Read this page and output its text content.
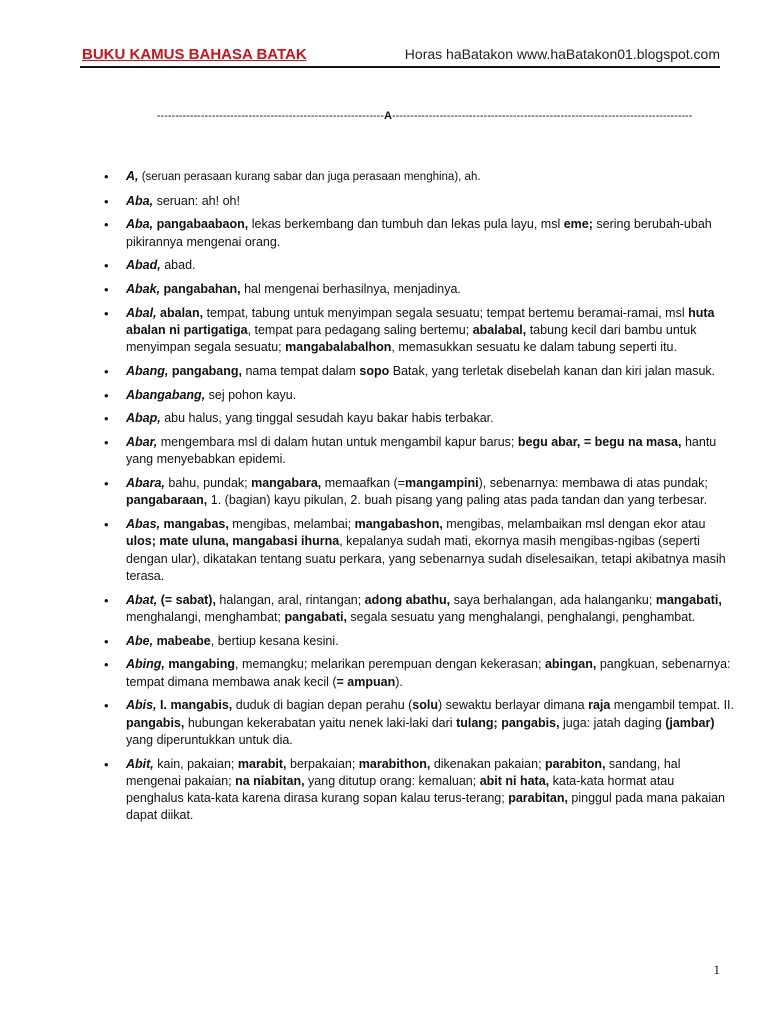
BUKU KAMUS BAHASA BATAK	Horas haBatakon www.haBatakon01.blogspot.com
--------------------------------------------------------------A----------------------------------------------------------------------------------
• A, (seruan perasaan kurang sabar dan juga perasaan menghina), ah.
• Aba, seruan: ah! oh!
• Aba, pangabaabaon, lekas berkembang dan tumbuh dan lekas pula layu, msl eme; sering berubah-ubah pikirannya mengenai orang.
• Abad, abad.
• Abak, pangabahan, hal mengenai berhasilnya, menjadinya.
• Abal, abalan, tempat, tabung untuk menyimpan segala sesuatu; tempat bertemu beramai-ramai, msl huta abalan ni partigatiga, tempat para pedagang saling bertemu; abalabal, tabung kecil dari bambu untuk menyimpan segala sesuatu; mangabalabalhon, memasukkan sesuatu ke dalam tabung seperti itu.
• Abang, pangabang, nama tempat dalam sopo Batak, yang terletak disebelah kanan dan kiri jalan masuk.
• Abangabang, sej pohon kayu.
• Abap, abu halus, yang tinggal sesudah kayu bakar habis terbakar.
• Abar, mengembara msl di dalam hutan untuk mengambil kapur barus; begu abar, = begu na masa, hantu yang menyebabkan epidemi.
• Abara, bahu, pundak; mangabara, memaafkan (=mangampini), sebenarnya: membawa di atas pundak; pangabaraan, 1. (bagian) kayu pikulan, 2. buah pisang yang paling atas pada tandan dan yang terbesar.
• Abas, mangabas, mengibas, melambai; mangabashon, mengibas, melambaikan msl dengan ekor atau ulos; mate uluna, mangabasi ihurna, kepalanya sudah mati, ekornya masih mengibas-ngibas (seperti dengan ular), dikatakan tentang suatu perkara, yang sebenarnya sudah diselesaikan, tetapi akibatnya masih terasa.
• Abat, (= sabat), halangan, aral, rintangan; adong abathu, saya berhalangan, ada halanganku; mangabati, menghalangi, menghambat; pangabati, segala sesuatu yang menghalangi, penghalangi, penghambat.
• Abe, mabeabe, bertiup kesana kesini.
• Abing, mangabing, memangku; melarikan perempuan dengan kekerasan; abingan, pangkuan, sebenarnya: tempat dimana membawa anak kecil (= ampuan).
• Abis, I. mangabis, duduk di bagian depan perahu (solu) sewaktu berlayar dimana raja mengambil tempat. II. pangabis, hubungan kekerabatan yaitu nenek laki-laki dari tulang; pangabis, juga: jatah daging (jambar) yang diperuntukkan untuk dia.
• Abit, kain, pakaian; marabit, berpakaian; marabithon, dikenakan pakaian; parabiton, sandang, hal mengenai pakaian; na niabitan, yang ditutup orang: kemaluan; abit ni hata, kata-kata hormat atau penghalus kata-kata karena dirasa kurang sopan kalau terus-terang; parabitan, pinggul pada mana pakaian dapat diikat.
1
